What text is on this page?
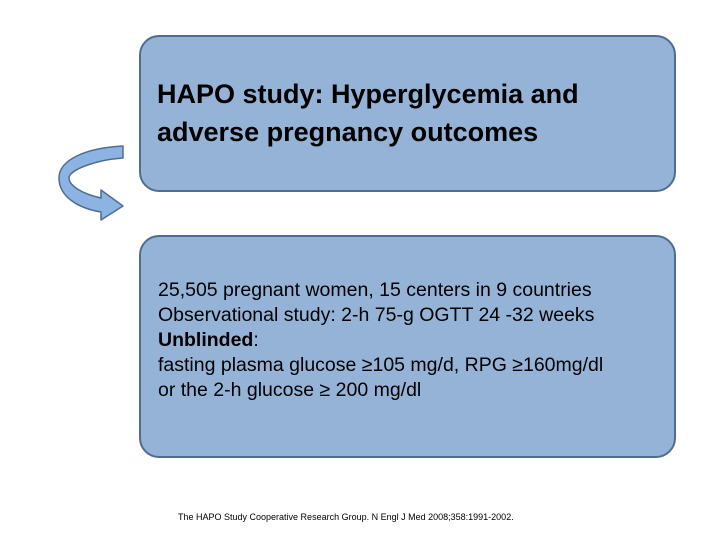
HAPO study: Hyperglycemia and
adverse pregnancy outcomes
25,505 pregnant women, 15 centers in 9 countries
Observational study: 2-h 75-g OGTT 24 -32 weeks
Unblinded:
fasting plasma glucose ≥105 mg/d, RPG ≥160mg/dl
or the 2-h glucose ≥ 200 mg/dl
The HAPO Study Cooperative Research Group. N Engl J Med 2008;358:1991-2002.
